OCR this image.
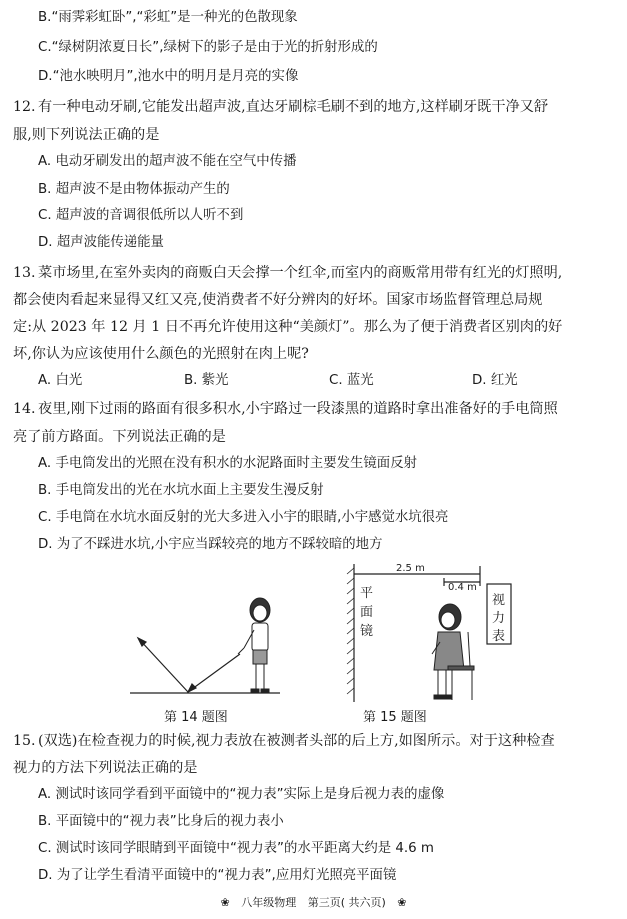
B.“雨霁彩虹卧”,“彩虹”是一种光的色散现象
C.“绿树阴浓夏日长”,绿树下的影子是由于光的折射形成的
D.“池水映明月”,池水中的明月是月亮的实像
12. 有一种电动牙刷,它能发出超声波,直达牙刷棕毛刷不到的地方,这样刷牙既干净又舒
服,则下列说法正确的是
A. 电动牙刷发出的超声波不能在空气中传播
B. 超声波不是由物体振动产生的
C. 超声波的音调很低所以人听不到
D. 超声波能传递能量
13. 菜市场里,在室外卖肉的商贩白天会撑一个红伞,而室内的商贩常用带有红光的灯照明,
都会使肉看起来显得又红又亮,使消费者不好分辨肉的好坏。国家市场监督管理总局规
定:从 2023 年 12 月 1 日不再允许使用这种“美颜灯”。那么为了便于消费者区别肉的好
坏,你认为应该使用什么颜色的光照射在肉上呢?
A. 白光	B. 紫光	C. 蓝光	D. 红光
14. 夜里,刚下过雨的路面有很多积水,小宇路过一段漆黑的道路时拿出准备好的手电筒照
亮了前方路面。下列说法正确的是
A. 手电筒发出的光照在没有积水的水泥路面时主要发生镜面反射
B. 手电筒发出的光在水坑水面上主要发生漫反射
C. 手电筒在水坑水面反射的光大多进入小宇的眼睛,小宇感觉水坑很亮
D. 为了不踩进水坑,小宇应当踩较亮的地方不踩较暗的地方
第 14 题图
2.5 m
0.4 m
平
面
镜
视
力
表
第 15 题图
15. (双选)在检查视力的时候,视力表放在被测者头部的后上方,如图所示。对于这种检查
视力的方法下列说法正确的是
A. 测试时该同学看到平面镜中的“视力表”实际上是身后视力表的虚像
B. 平面镜中的“视力表”比身后的视力表小
C. 测试时该同学眼睛到平面镜中“视力表”的水平距离大约是 4.6 m
D. 为了让学生看清平面镜中的“视力表”,应用灯光照亮平面镜
❀ 八年级物理 第三页( 共六页) ❀
